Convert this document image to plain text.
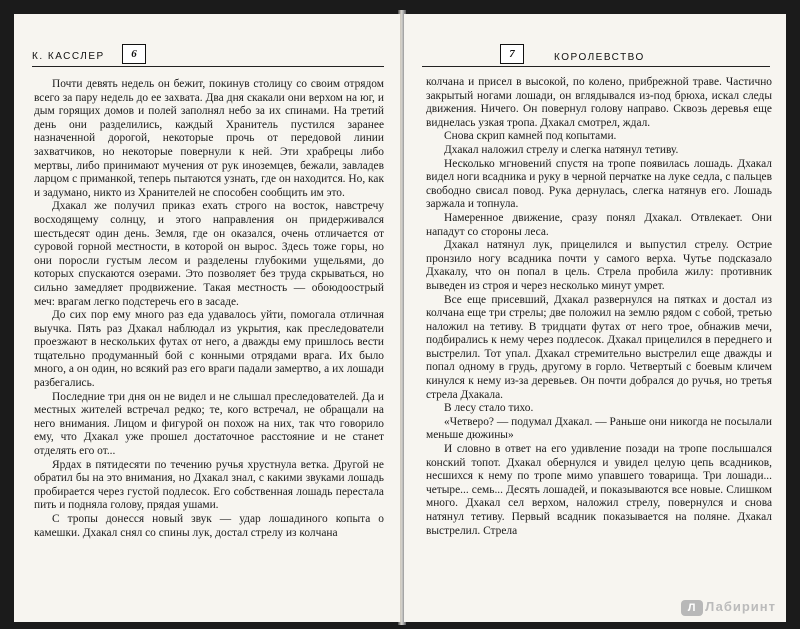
К. КАССЛЕР	6

Почти девять недель он бежит, покинув столицу со своим отрядом всего за пару недель до ее захвата. Два дня скакали они верхом на юг, и дым горящих домов и полей заполнял небо за их спинами. На третий день они разделились, каждый Хранитель пустился заранее назначенной дорогой, некоторые прочь от передовой линии захватчиков, но некоторые повернули к ней. Эти храбрецы либо мертвы, либо принимают мучения от рук иноземцев, бежали, завладев ларцом с приманкой, теперь пытаются узнать, где он находится. Но, как и задумано, никто из Хранителей не способен сообщить им это.

Дхакал же получил приказ ехать строго на восток, навстречу восходящему солнцу, и этого направления он придерживался шестьдесят один день. Земля, где он оказался, очень отличается от суровой горной местности, в которой он вырос. Здесь тоже горы, но они поросли густым лесом и разделены глубокими ущельями, до которых спускаются озерами. Это позволяет без труда скрываться, но сильно замедляет продвижение. Такая местность — обоюдоострый меч: врагам легко подстеречь его в засаде.

До сих пор ему много раз еда удавалось уйти, помогала отличная выучка. Пять раз Дхакал наблюдал из укрытия, как преследователи проезжают в нескольких футах от него, а дважды ему пришлось вести тщательно продуманный бой с конными отрядами врага. Их было много, а он один, но всякий раз его враги падали замертво, а их лошади разбегались.

Последние три дня он не видел и не слышал преследователей. Да и местных жителей встречал редко; те, кого встречал, не обращали на него внимания. Лицом и фигурой он похож на них, так что говорило ему, что Дхакал уже прошел достаточное расстояние и не станет отделять его от...

Ярдах в пятидесяти по течению ручья хрустнула ветка. Другой не обратил бы на это внимания, но Дхакал знал, с какими звуками лошадь пробирается через густой подлесок. Его собственная лошадь перестала пить и подняла голову, прядая ушами.

С тропы донесся новый звук — удар лошадиного копыта о камешки. Дхакал снял со спины лук, достал стрелу из колчана

7	КОРОЛЕВСТВО

колчана и присел в высокой, по колено, прибрежной траве. Частично закрытый ногами лошади, он вглядывался из-под брюха, искал следы движения. Ничего. Он повернул голову направо. Сквозь деревья еще виднелась узкая тропа. Дхакал смотрел, ждал.

Снова скрип камней под копытами.

Дхакал наложил стрелу и слегка натянул тетиву.

Несколько мгновений спустя на тропе появилась лошадь. Дхакал видел ноги всадника и руку в черной перчатке на луке седла, с пальцев свободно свисал повод. Рука дернулась, слегка натянув его. Лошадь заржала и топнула.

Намеренное движение, сразу понял Дхакал. Отвлекает. Они нападут со стороны леса.

Дхакал натянул лук, прицелился и выпустил стрелу. Острие пронзило ногу всадника почти у самого верха. Чутье подсказало Дхакалу, что он попал в цель. Стрела пробила жилу: противник выведен из строя и через несколько минут умрет.

Все еще присевший, Дхакал развернулся на пятках и достал из колчана еще три стрелы; две положил на землю рядом с собой, третью наложил на тетиву. В тридцати футах от него трое, обнажив мечи, подбирались к нему через подлесок. Дхакал прицелился в переднего и выстрелил. Тот упал. Дхакал стремительно выстрелил еще дважды и попал одному в грудь, другому в горло. Четвертый с боевым кличем кинулся к нему из-за деревьев. Он почти добрался до ручья, но третья стрела Дхакала.

В лесу стало тихо.

«Четверо? — подумал Дхакал. — Раньше они никогда не посылали меньше дюжины»

И словно в ответ на его удивление позади на тропе послышался конский топот. Дхакал обернулся и увидел целую цепь всадников, несшихся к нему по тропе мимо упавшего товарища. Три лошади... четыре... семь... Десять лошадей, и показываются все новые. Слишком много. Дхакал сел верхом, наложил стрелу, повернулся и снова натянул тетиву. Первый всадник показывается на поляне. Дхакал выстрелил. Стрела

Л Лабиринт
